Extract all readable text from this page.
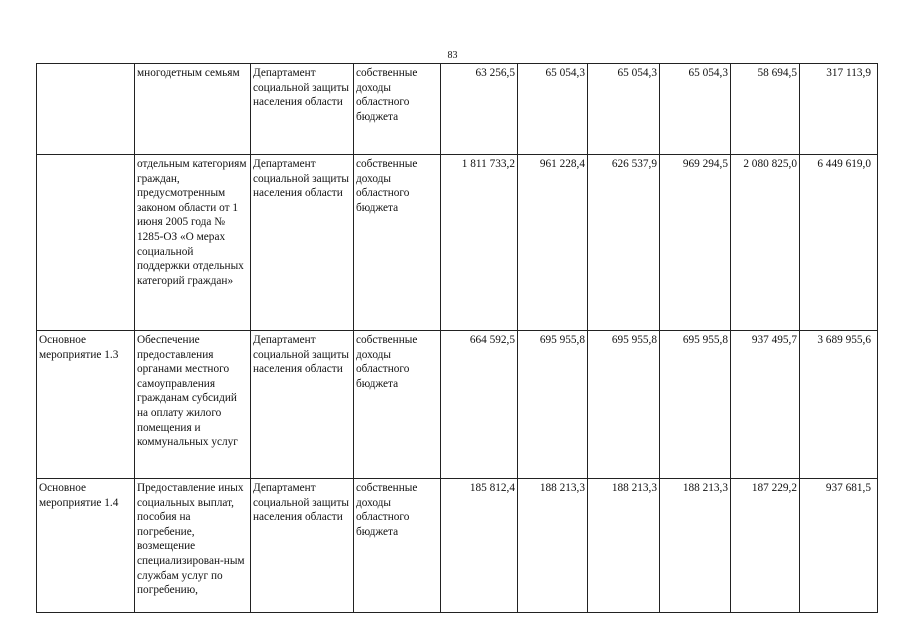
83
	многодетным семьям	Департамент социальной защиты населения области	собственные доходы областного бюджета	63 256,5	65 054,3	65 054,3	65 054,3	58 694,5	317 113,9
	отдельным категориям граждан, предусмотренным законом области от 1 июня 2005 года № 1285-ОЗ «О мерах социальной поддержки отдельных категорий граждан»	Департамент социальной защиты населения области	собственные доходы областного бюджета	1 811 733,2	961 228,4	626 537,9	969 294,5	2 080 825,0	6 449 619,0
Основное мероприятие 1.3	Обеспечение предоставления органами местного самоуправления гражданам субсидий на оплату жилого помещения и коммунальных услуг	Департамент социальной защиты населения области	собственные доходы областного бюджета	664 592,5	695 955,8	695 955,8	695 955,8	937 495,7	3 689 955,6
Основное мероприятие 1.4	Предоставление иных социальных выплат, пособия на погребение, возмещение специализирован-ным службам услуг по погребению,	Департамент социальной защиты населения области	собственные доходы областного бюджета	185 812,4	188 213,3	188 213,3	188 213,3	187 229,2	937 681,5
